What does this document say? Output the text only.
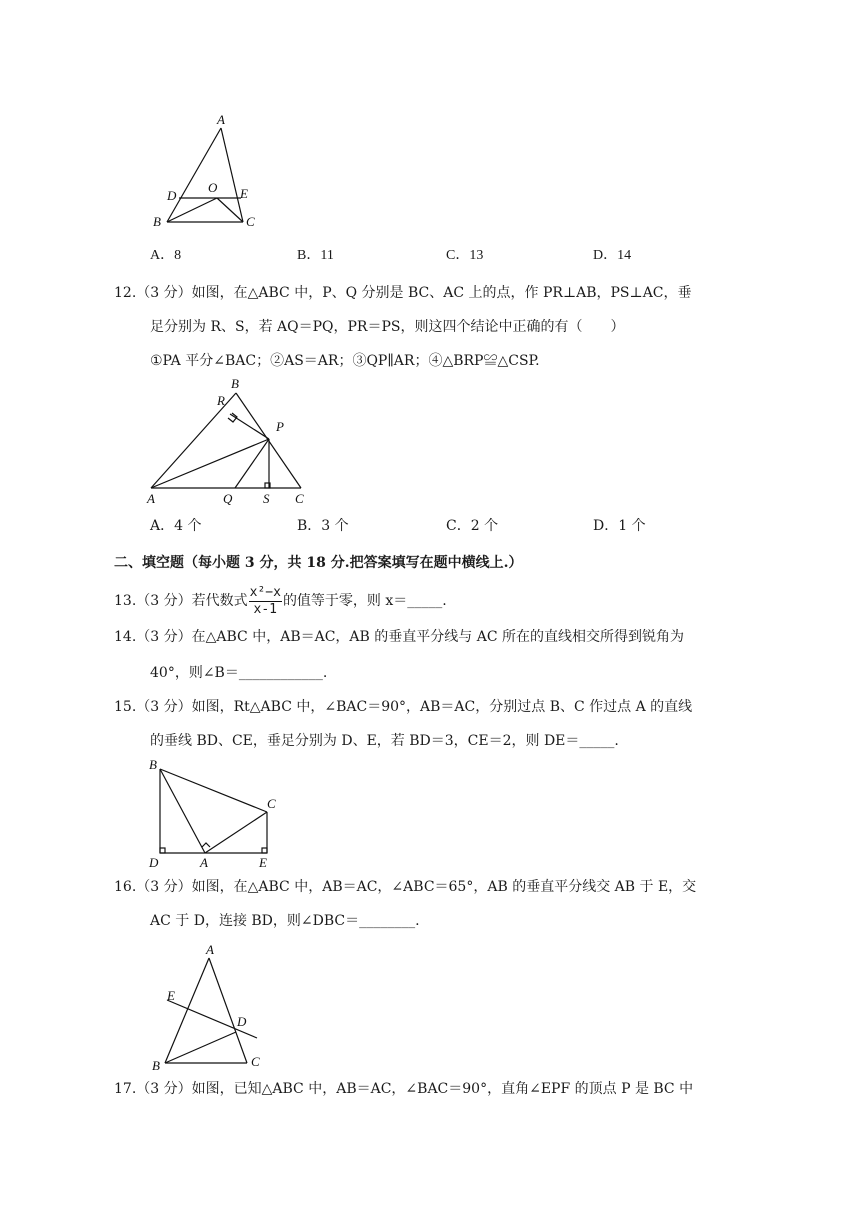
A
D
O E
B	C
A．8	B．11	C．13	D．14
12.（3 分）如图，在△ABC 中，P、Q 分别是 BC、AC 上的点，作 PR⊥AB，PS⊥AC，垂
足分别为 R、S，若 AQ＝PQ，PR＝PS，则这四个结论中正确的有（　　）
①PA 平分∠BAC；②AS＝AR；③QP∥AR；④△BRP≌△CSP.
B
R
P
A	Q S C
A．4 个	B．3 个	C．2 个	D．1 个
二、填空题（每小题 3 分，共 18 分.把答案填写在题中横线上.）
13.（3 分）若代数式 $\frac{\text{x²−x}}{x-1}$ 的值等于零，则 x＝_____.
14.（3 分）在△ABC 中，AB＝AC，AB 的垂直平分线与 AC 所在的直线相交所得到锐角为
40°，则∠B＝____________.
15.（3 分）如图，Rt△ABC 中，∠BAC＝90°，AB＝AC，分别过点 B、C 作过点 A 的直线
的垂线 BD、CE，垂足分别为 D、E，若 BD＝3，CE＝2，则 DE＝_____.
B
C
D	A	E
16.（3 分）如图，在△ABC 中，AB＝AC，∠ABC＝65°，AB 的垂直平分线交 AB 于 E，交
AC 于 D，连接 BD，则∠DBC＝________.
A
E
D
B	C
17.（3 分）如图，已知△ABC 中，AB＝AC，∠BAC＝90°，直角∠EPF 的顶点 P 是 BC 中
